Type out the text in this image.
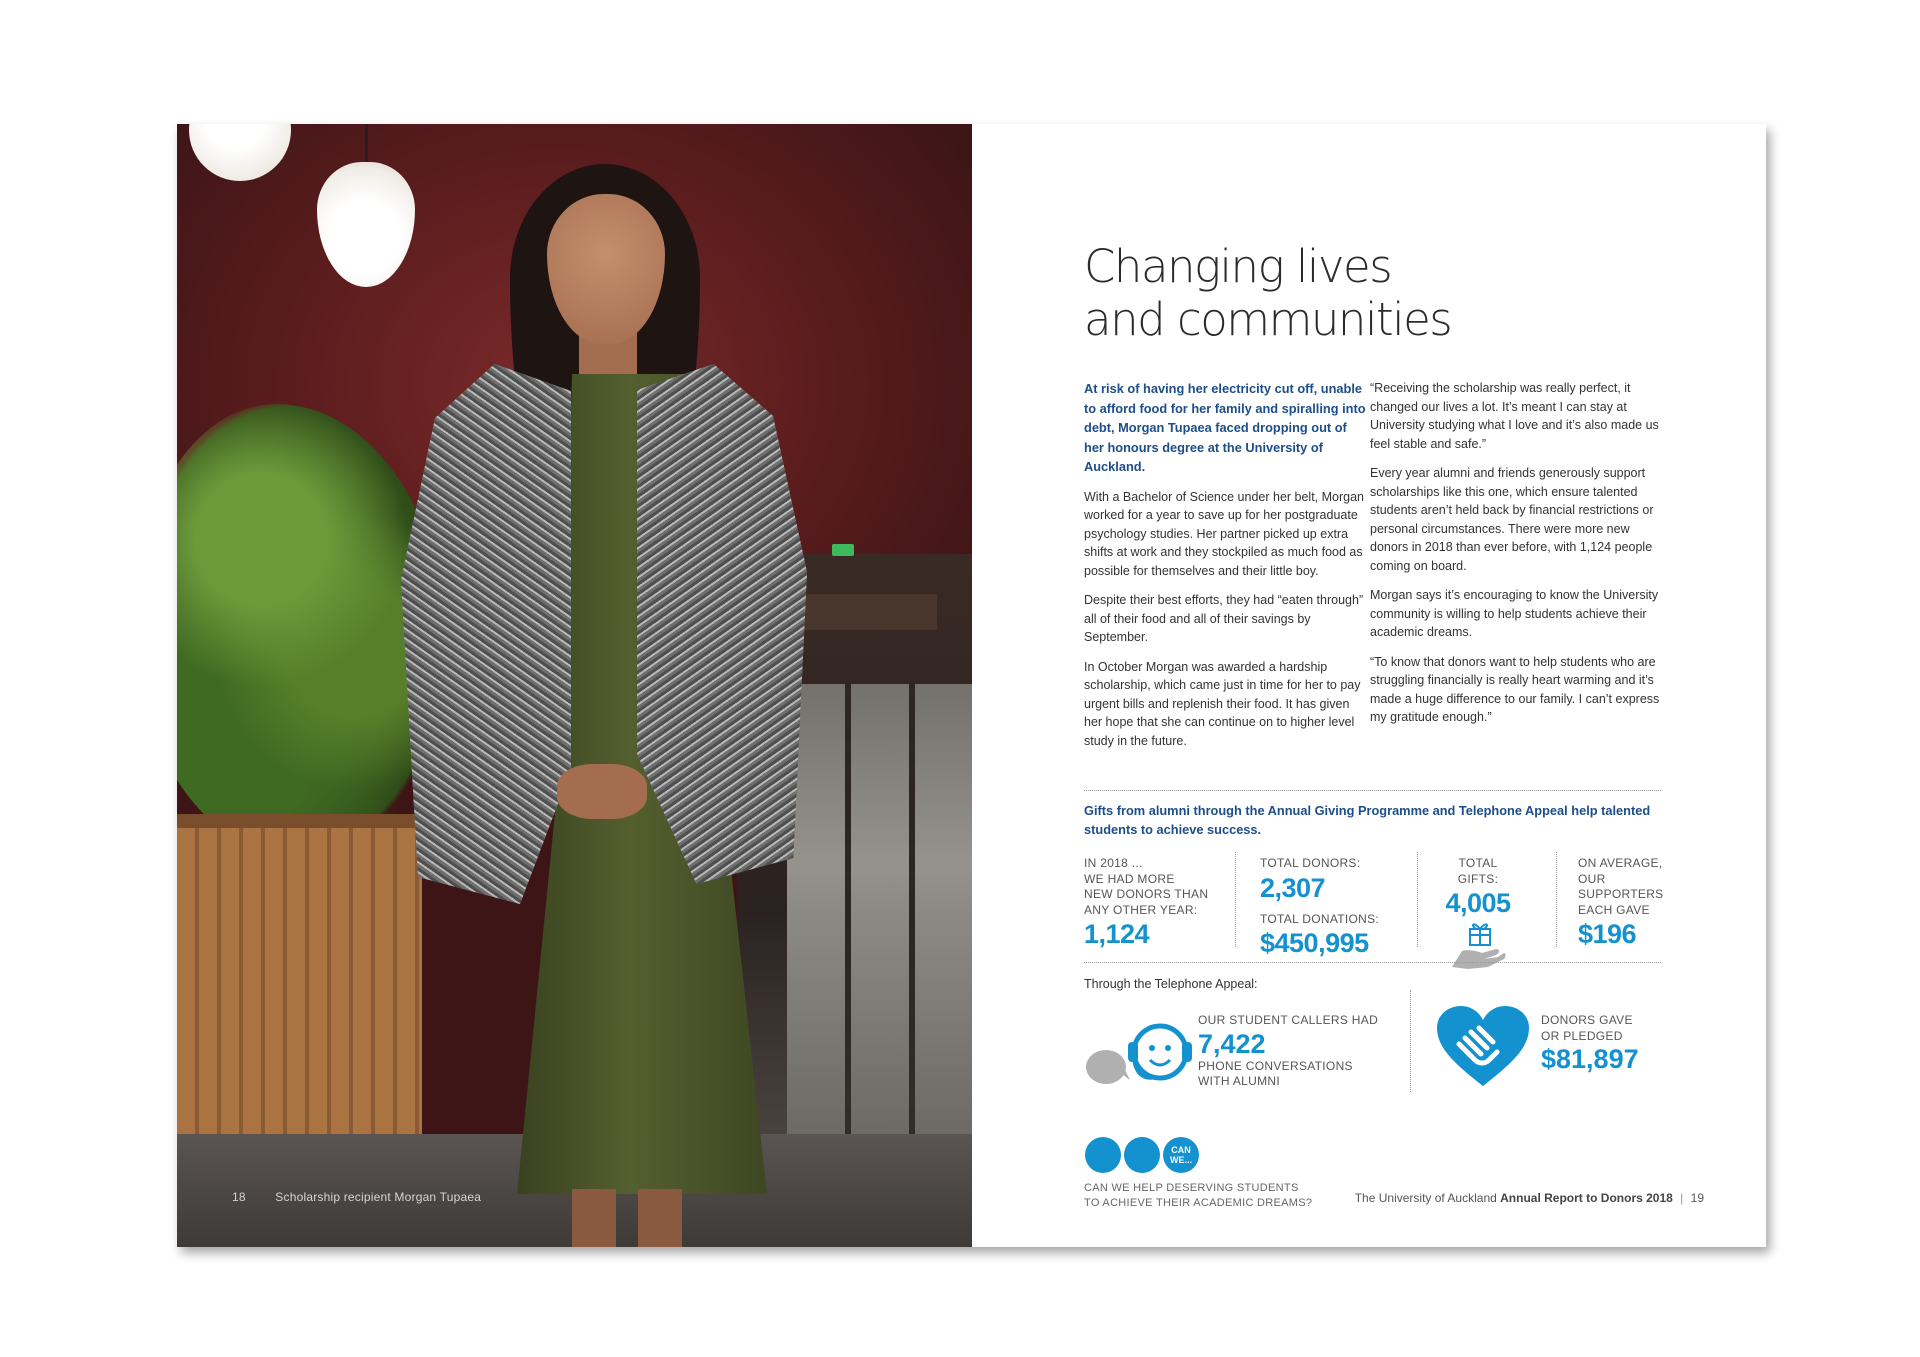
18 Scholarship recipient Morgan Tupaea
Changing lives
and communities

At risk of having her electricity cut off, unable to afford food for her family and spiralling into debt, Morgan Tupaea faced dropping out of her honours degree at the University of Auckland.

With a Bachelor of Science under her belt, Morgan worked for a year to save up for her postgraduate psychology studies. Her partner picked up extra shifts at work and they stockpiled as much food as possible for themselves and their little boy.

Despite their best efforts, they had “eaten through” all of their food and all of their savings by September.

In October Morgan was awarded a hardship scholarship, which came just in time for her to pay urgent bills and replenish their food. It has given her hope that she can continue on to higher level study in the future.

“Receiving the scholarship was really perfect, it changed our lives a lot. It’s meant I can stay at University studying what I love and it’s also made us feel stable and safe.”

Every year alumni and friends generously support scholarships like this one, which ensure talented students aren’t held back by financial restrictions or personal circumstances. There were more new donors in 2018 than ever before, with 1,124 people coming on board.

Morgan says it’s encouraging to know the University community is willing to help students achieve their academic dreams.

“To know that donors want to help students who are struggling financially is really heart warming and it’s made a huge difference to our family. I can’t express my gratitude enough.”

Gifts from alumni through the Annual Giving Programme and Telephone Appeal help talented students to achieve success.
IN 2018 ...
WE HAD MORE
NEW DONORS THAN
ANY OTHER YEAR:
1,124
TOTAL DONORS:
2,307
TOTAL DONATIONS:
$450,995
TOTAL GIFTS:
4,005
ON AVERAGE,
OUR
SUPPORTERS
EACH GAVE
$196
Through the Telephone Appeal:
OUR STUDENT CALLERS HAD
7,422
PHONE CONVERSATIONS
WITH ALUMNI
DONORS GAVE
OR PLEDGED
$81,897
CAN
WE...
CAN WE HELP DESERVING STUDENTS
TO ACHIEVE THEIR ACADEMIC DREAMS?	The University of Auckland Annual Report to Donors 2018 | 19
